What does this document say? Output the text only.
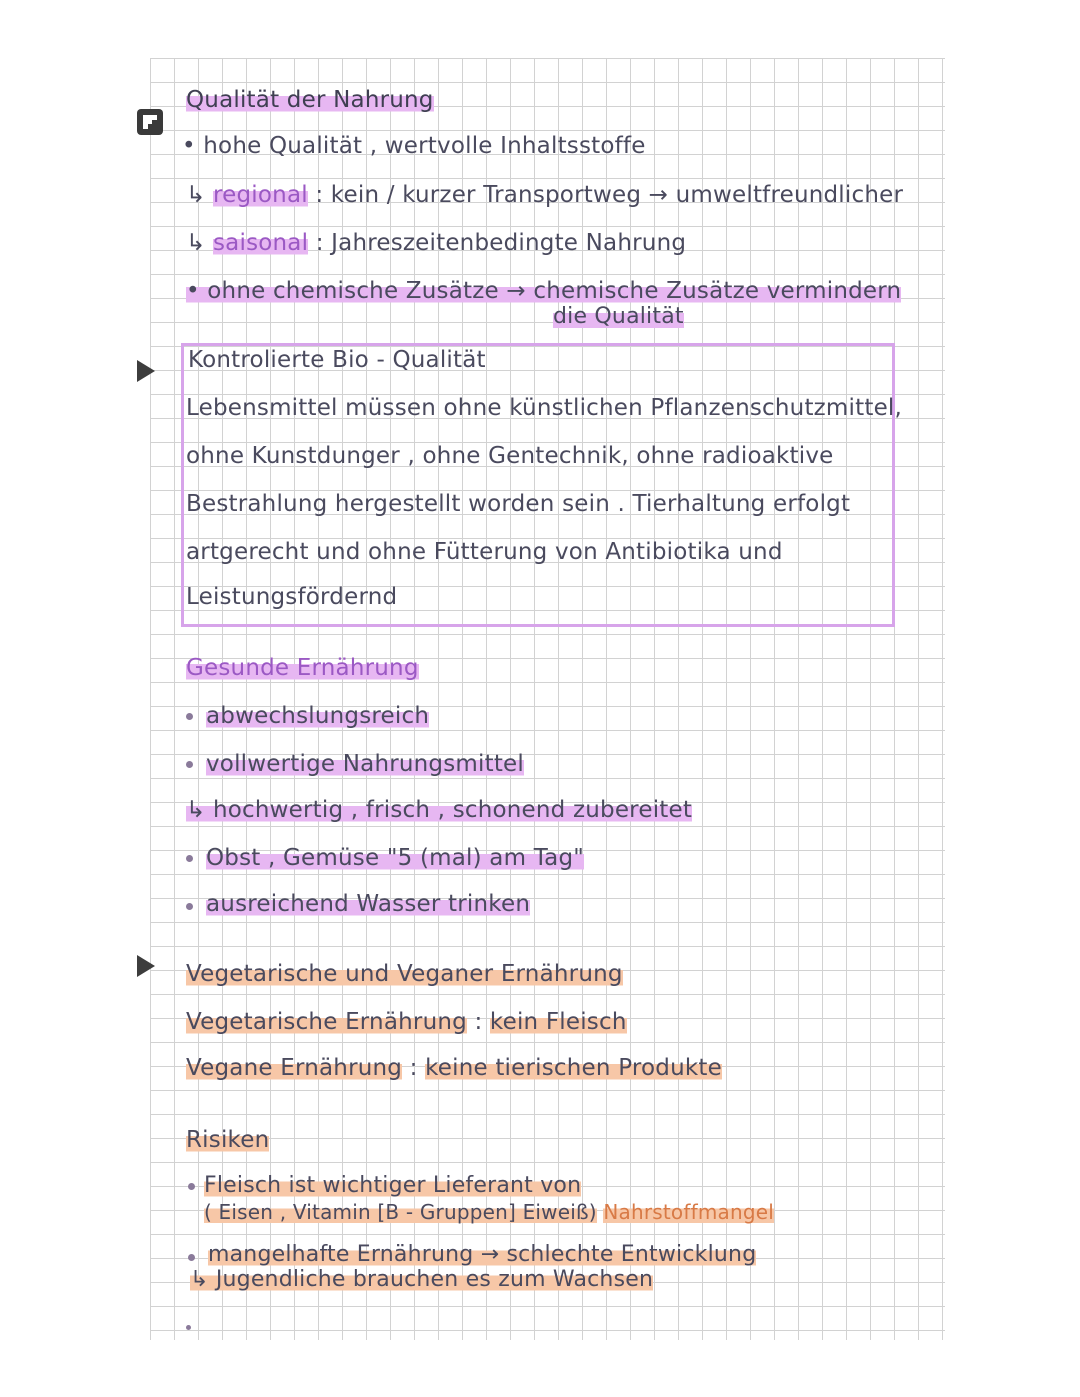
Qualität der Nahrung
• hohe Qualität , wertvolle Inhaltsstoffe
↳ regional : kein / kurzer Transportweg → umweltfreundlicher
↳ saisonal : Jahreszeitenbedingte Nahrung
• ohne chemische Zusätze → chemische Zusätze vermindern
die Qualität
Kontrolierte Bio - Qualität
Lebensmittel müssen ohne künstlichen Pflanzenschutzmittel,
ohne Kunstdunger , ohne Gentechnik, ohne radioaktive
Bestrahlung hergestellt worden sein . Tierhaltung erfolgt
artgerecht und ohne Fütterung von Antibiotika und
Leistungsfördernd
Gesunde Ernährung
abwechslungsreich
vollwertige Nahrungsmittel
↳ hochwertig , frisch , schonend zubereitet
Obst , Gemüse "5 (mal) am Tag"
ausreichend Wasser trinken
Vegetarische und Veganer Ernährung
Vegetarische Ernährung : kein Fleisch
Vegane Ernährung : keine tierischen Produkte
Risiken
Fleisch ist wichtiger Lieferant von
( Eisen , Vitamin [B - Gruppen] Eiweiß) Nahrstoffmangel
mangelhafte Ernährung → schlechte Entwicklung
↳ Jugendliche brauchen es zum Wachsen
